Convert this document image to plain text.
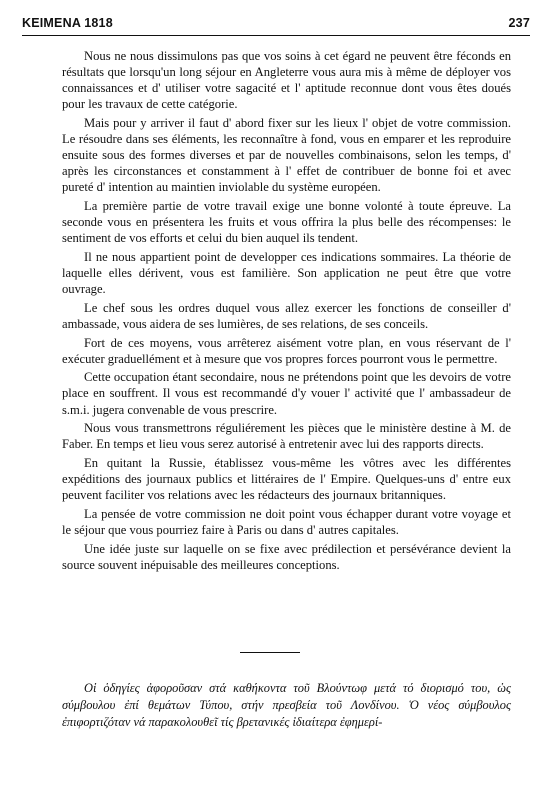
KEIMENA 1818	237

Nous ne nous dissimulons pas que vos soins à cet égard ne peuvent être féconds en résultats que lorsqu'un long séjour en Angleterre vous aura mis à même de déployer vos connaissances et d' utiliser votre sagacité et l' aptitude reconnue dont vous êtes doués pour les travaux de cette catégorie.

Mais pour y arriver il faut d' abord fixer sur les lieux l' objet de votre commission. Le résoudre dans ses éléments, les reconnaître à fond, vous en emparer et les reproduire ensuite sous des formes diverses et par de nouvelles combinaisons, selon les temps, d' après les circonstances et constamment à l' effet de contribuer de bonne foi et avec pureté d' intention au maintien inviolable du système européen.

La première partie de votre travail exige une bonne volonté à toute épreuve. La seconde vous en présentera les fruits et vous offrira la plus belle des récompenses: le sentiment de vos efforts et celui du bien auquel ils tendent.

Il ne nous appartient point de developper ces indications sommaires. La théorie de laquelle elles dérivent, vous est familière. Son application ne peut être que votre ouvrage.

Le chef sous les ordres duquel vous allez exercer les fonctions de conseiller d' ambassade, vous aidera de ses lumières, de ses relations, de ses conceils.

Fort de ces moyens, vous arrêterez aisément votre plan, en vous réservant de l' exécuter graduellément et à mesure que vos propres forces pourront vous le permettre.

Cette occupation étant secondaire, nous ne prétendons point que les devoirs de votre place en souffrent. Il vous est recommandé d'y vouer l' activité que l' ambassadeur de s.m.i. jugera convenable de vous prescrire.

Nous vous transmettrons réguliérement les pièces que le ministère destine à M. de Faber. En temps et lieu vous serez autorisé à entretenir avec lui des rapports directs.

En quitant la Russie, établissez vous-même les vôtres avec les différentes expéditions des journaux publics et littéraires de l' Empire. Quelques-uns d' entre eux peuvent faciliter vos relations avec les rédacteurs des journaux britanniques.

La pensée de votre commission ne doit point vous échapper durant votre voyage et le séjour que vous pourriez faire à Paris ou dans d' autres capitales.

Une idée juste sur laquelle on se fixe avec prédilection et persévérance devient la source souvent inépuisable des meilleures conceptions.

Οἱ ὁδηγίες ἀφοροῦσαν στά καθήκοντα τοῦ Βλούντωφ μετά τό διορισμό του, ὡς σύμβουλου ἐπί θεμάτων Τύπου, στήν πρεσβεία τοῦ Λονδίνου. Ὁ νέος σύμβουλος ἐπιφορτιζόταν νά παρακολουθεῖ τίς βρετανικές ἰδιαίτερα ἐφημερί-
